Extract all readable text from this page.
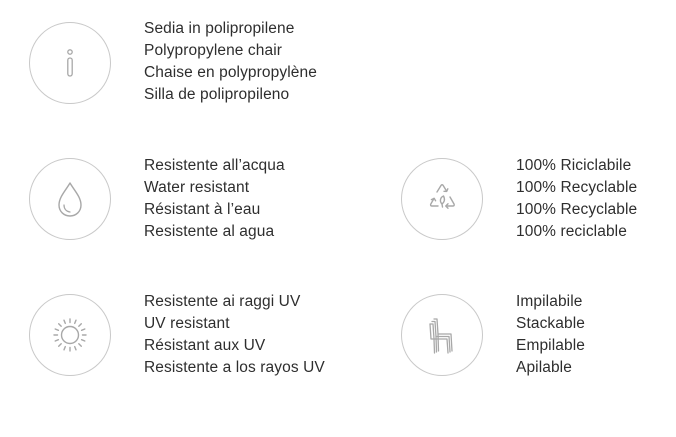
Sedia in polipropilene
Polypropylene chair
Chaise en polypropylène
Silla de polipropileno
Resistente all’acqua
Water resistant
Résistant à l’eau
Resistente al agua
100% Riciclabile
100% Recyclable
100% Recyclable
100% reciclable
Resistente ai raggi UV
UV resistant
Résistant aux UV
Resistente a los rayos UV
Impilabile
Stackable
Empilable
Apilable
